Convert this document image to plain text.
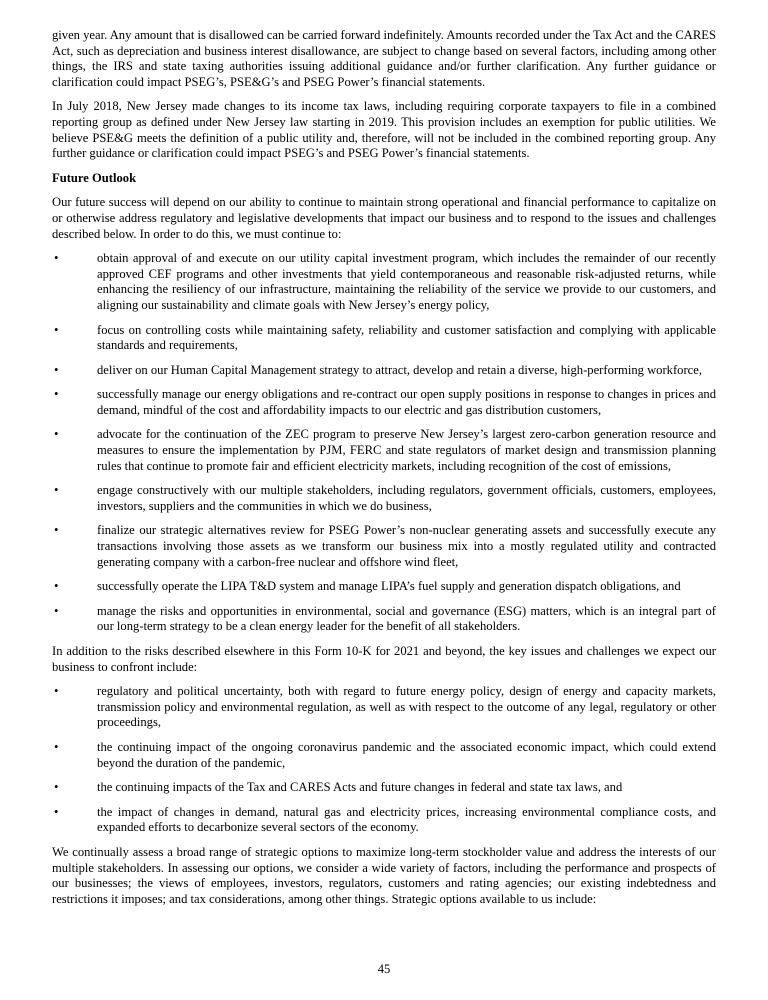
given year. Any amount that is disallowed can be carried forward indefinitely. Amounts recorded under the Tax Act and the CARES Act, such as depreciation and business interest disallowance, are subject to change based on several factors, including among other things, the IRS and state taxing authorities issuing additional guidance and/or further clarification. Any further guidance or clarification could impact PSEG’s, PSE&G’s and PSEG Power’s financial statements.

In July 2018, New Jersey made changes to its income tax laws, including requiring corporate taxpayers to file in a combined reporting group as defined under New Jersey law starting in 2019. This provision includes an exemption for public utilities. We believe PSE&G meets the definition of a public utility and, therefore, will not be included in the combined reporting group. Any further guidance or clarification could impact PSEG’s and PSEG Power’s financial statements.

Future Outlook

Our future success will depend on our ability to continue to maintain strong operational and financial performance to capitalize on or otherwise address regulatory and legislative developments that impact our business and to respond to the issues and challenges described below. In order to do this, we must continue to:

•	obtain approval of and execute on our utility capital investment program, which includes the remainder of our recently approved CEF programs and other investments that yield contemporaneous and reasonable risk-adjusted returns, while enhancing the resiliency of our infrastructure, maintaining the reliability of the service we provide to our customers, and aligning our sustainability and climate goals with New Jersey’s energy policy,
•	focus on controlling costs while maintaining safety, reliability and customer satisfaction and complying with applicable standards and requirements,
•	deliver on our Human Capital Management strategy to attract, develop and retain a diverse, high-performing workforce,
•	successfully manage our energy obligations and re-contract our open supply positions in response to changes in prices and demand, mindful of the cost and affordability impacts to our electric and gas distribution customers,
•	advocate for the continuation of the ZEC program to preserve New Jersey’s largest zero-carbon generation resource and measures to ensure the implementation by PJM, FERC and state regulators of market design and transmission planning rules that continue to promote fair and efficient electricity markets, including recognition of the cost of emissions,
•	engage constructively with our multiple stakeholders, including regulators, government officials, customers, employees, investors, suppliers and the communities in which we do business,
•	finalize our strategic alternatives review for PSEG Power’s non-nuclear generating assets and successfully execute any transactions involving those assets as we transform our business mix into a mostly regulated utility and contracted generating company with a carbon-free nuclear and offshore wind fleet,
•	successfully operate the LIPA T&D system and manage LIPA’s fuel supply and generation dispatch obligations, and
•	manage the risks and opportunities in environmental, social and governance (ESG) matters, which is an integral part of our long-term strategy to be a clean energy leader for the benefit of all stakeholders.

In addition to the risks described elsewhere in this Form 10-K for 2021 and beyond, the key issues and challenges we expect our business to confront include:

•	regulatory and political uncertainty, both with regard to future energy policy, design of energy and capacity markets, transmission policy and environmental regulation, as well as with respect to the outcome of any legal, regulatory or other proceedings,
•	the continuing impact of the ongoing coronavirus pandemic and the associated economic impact, which could extend beyond the duration of the pandemic,
•	the continuing impacts of the Tax and CARES Acts and future changes in federal and state tax laws, and
•	the impact of changes in demand, natural gas and electricity prices, increasing environmental compliance costs, and expanded efforts to decarbonize several sectors of the economy.

We continually assess a broad range of strategic options to maximize long-term stockholder value and address the interests of our multiple stakeholders. In assessing our options, we consider a wide variety of factors, including the performance and prospects of our businesses; the views of employees, investors, regulators, customers and rating agencies; our existing indebtedness and restrictions it imposes; and tax considerations, among other things. Strategic options available to us include:

45
